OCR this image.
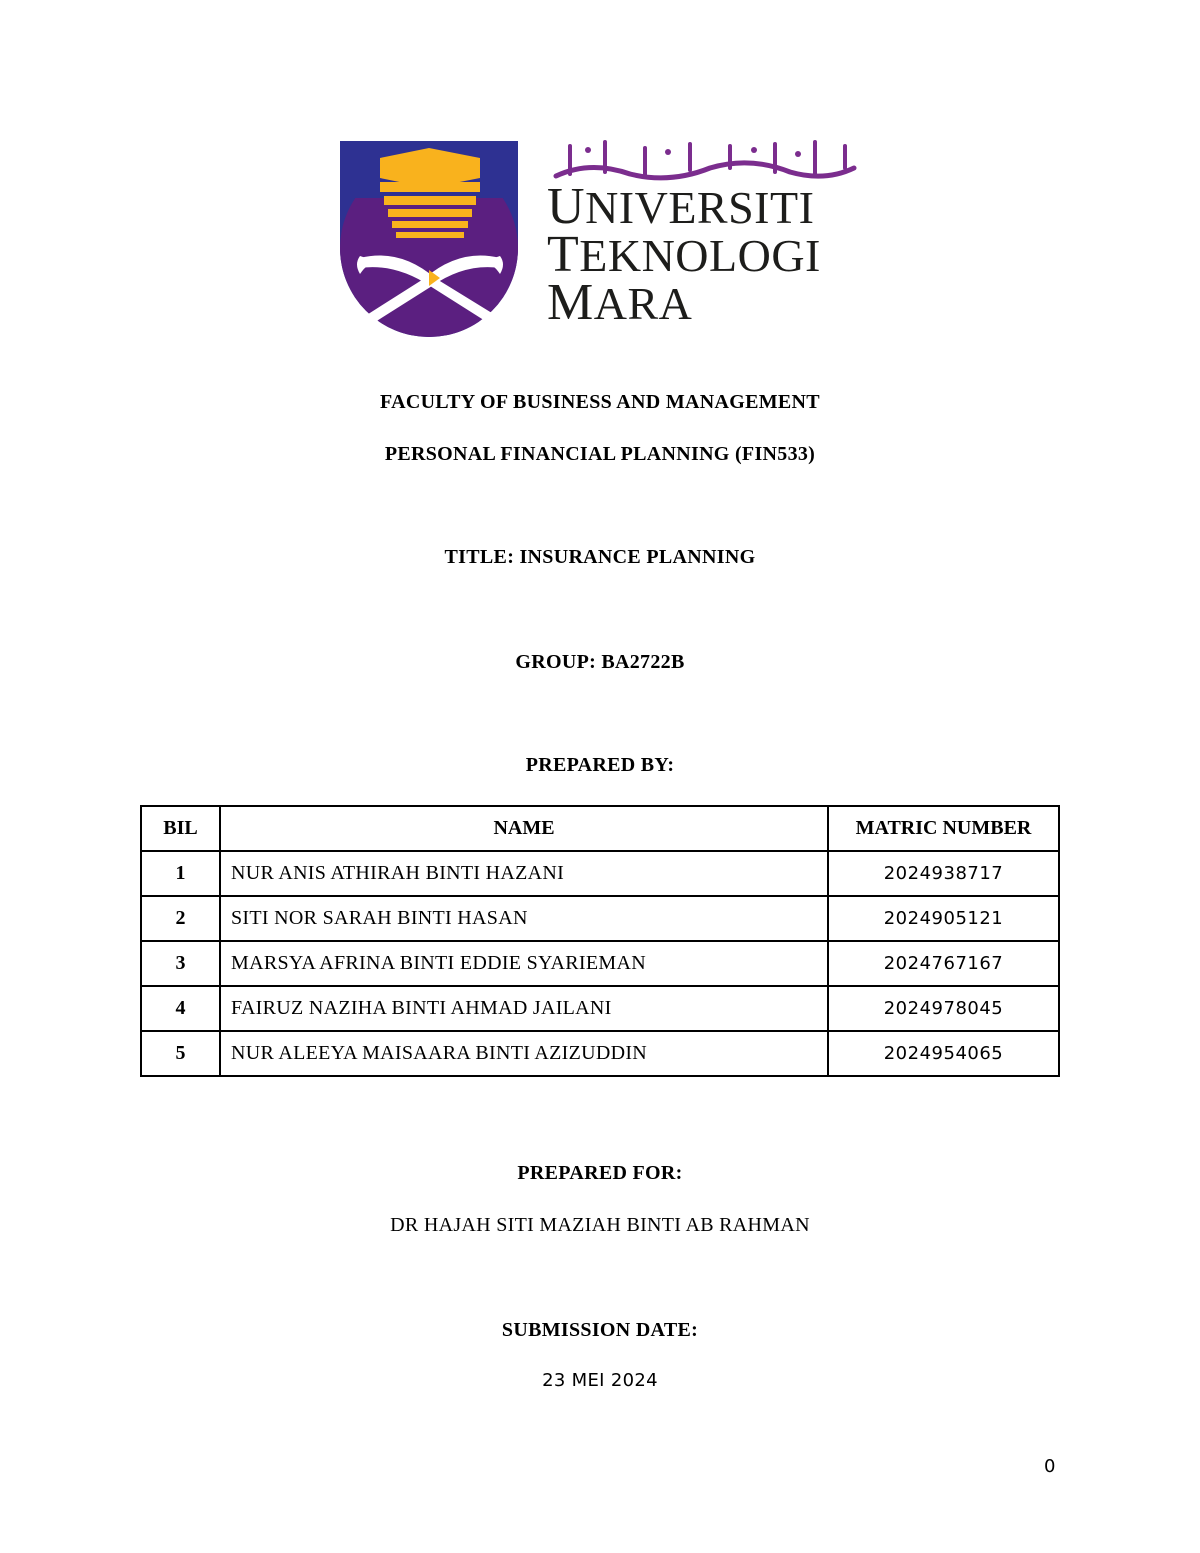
UNIVERSITI
TEKNOLOGI
MARA
FACULTY OF BUSINESS AND MANAGEMENT
PERSONAL FINANCIAL PLANNING (FIN533)
TITLE: INSURANCE PLANNING
GROUP: BA2722B
PREPARED BY:
BIL	NAME	MATRIC NUMBER
1	NUR ANIS ATHIRAH BINTI HAZANI	2024938717
2	SITI NOR SARAH BINTI HASAN	2024905121
3	MARSYA AFRINA BINTI EDDIE SYARIEMAN	2024767167
4	FAIRUZ NAZIHA BINTI AHMAD JAILANI	2024978045
5	NUR ALEEYA MAISAARA BINTI AZIZUDDIN	2024954065
PREPARED FOR:
DR HAJAH SITI MAZIAH BINTI AB RAHMAN
SUBMISSION DATE:
23 MEI 2024
0
